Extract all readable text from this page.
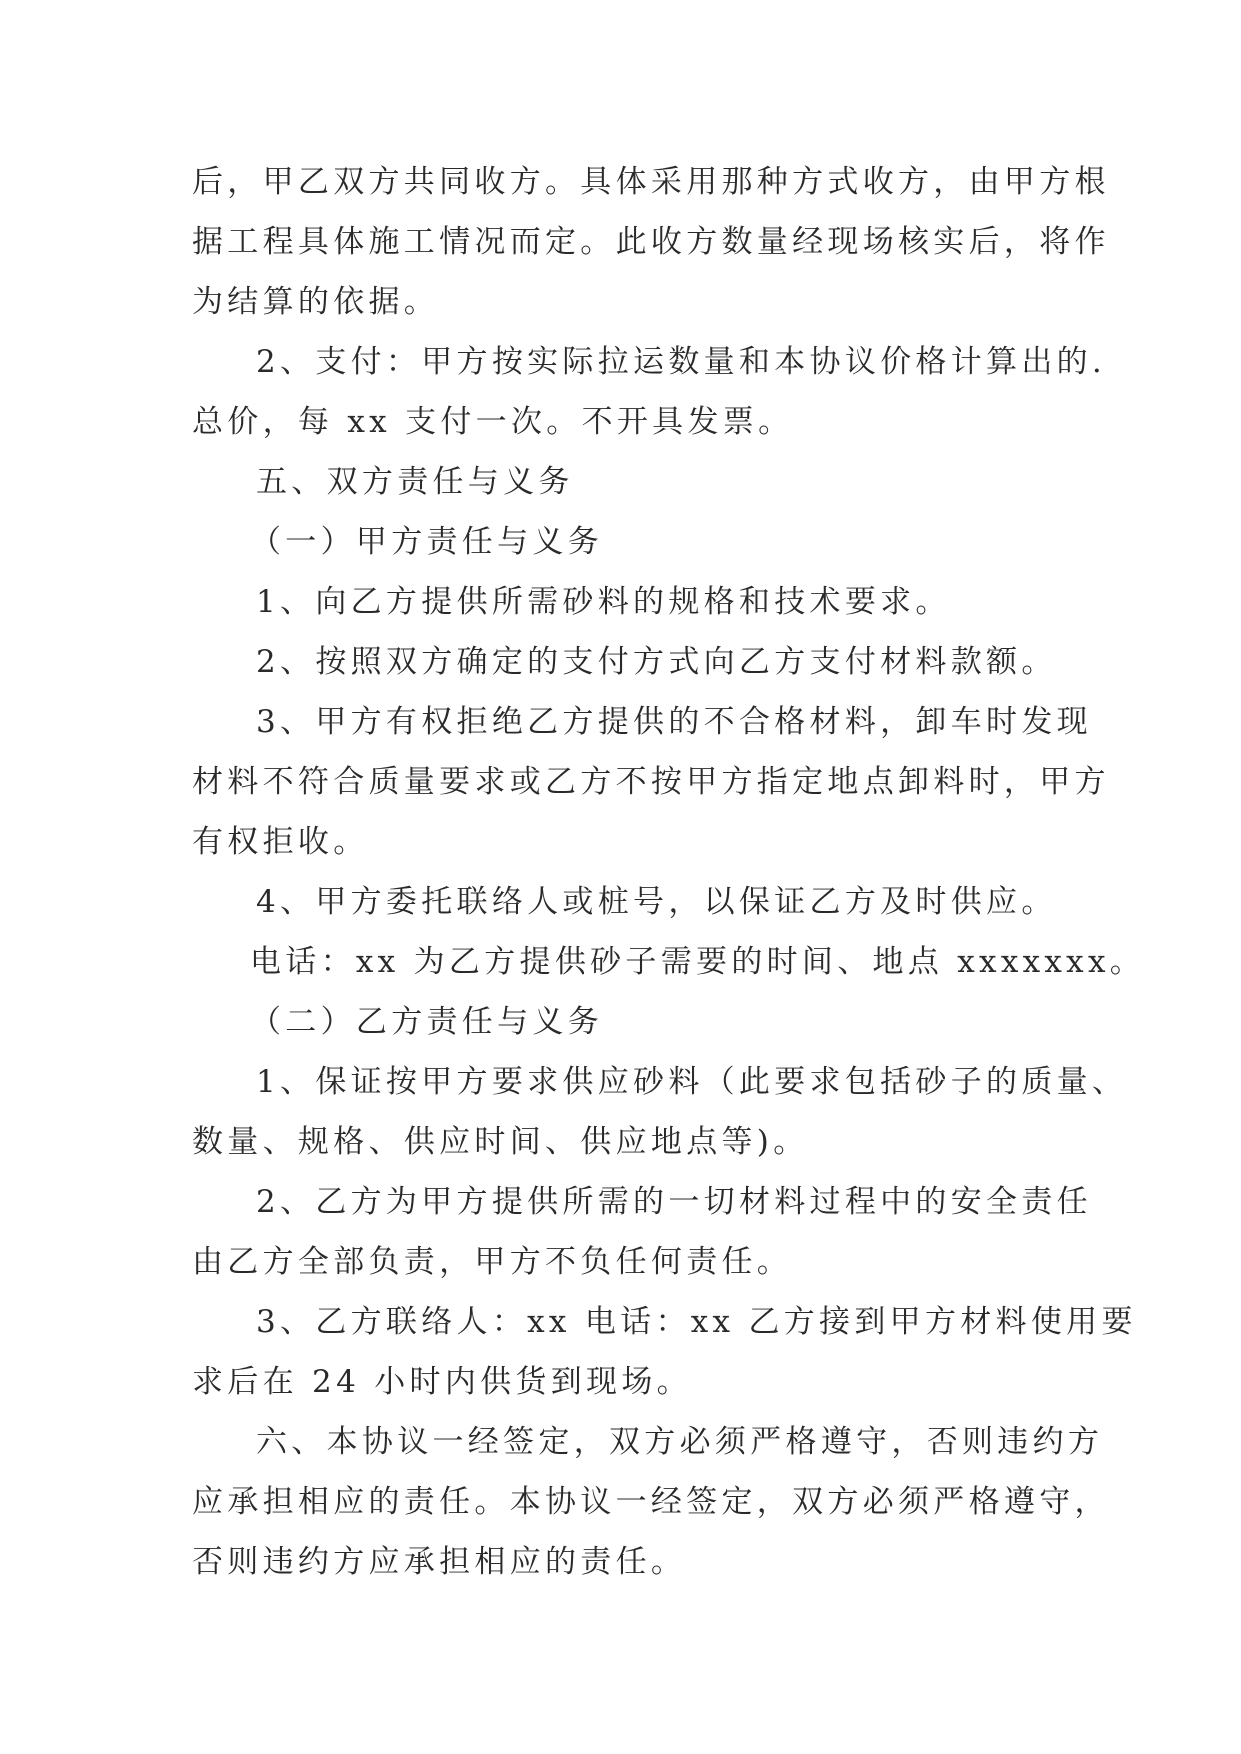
后，甲乙双方共同收方。具体采用那种方式收方，由甲方根
据工程具体施工情况而定。此收方数量经现场核实后，将作
为结算的依据。
2、支付：甲方按实际拉运数量和本协议价格计算出的.
总价，每 xx 支付一次。不开具发票。
五、双方责任与义务
（一）甲方责任与义务
1、向乙方提供所需砂料的规格和技术要求。
2、按照双方确定的支付方式向乙方支付材料款额。
3、甲方有权拒绝乙方提供的不合格材料，卸车时发现
材料不符合质量要求或乙方不按甲方指定地点卸料时，甲方
有权拒收。
4、甲方委托联络人或桩号，以保证乙方及时供应。
电话：xx 为乙方提供砂子需要的时间、地点 xxxxxxx。
（二）乙方责任与义务
1、保证按甲方要求供应砂料（此要求包括砂子的质量、
数量、规格、供应时间、供应地点等)。
2、乙方为甲方提供所需的一切材料过程中的安全责任
由乙方全部负责，甲方不负任何责任。
3、乙方联络人：xx 电话：xx 乙方接到甲方材料使用要
求后在 24 小时内供货到现场。
六、本协议一经签定，双方必须严格遵守，否则违约方
应承担相应的责任。本协议一经签定，双方必须严格遵守，
否则违约方应承担相应的责任。
